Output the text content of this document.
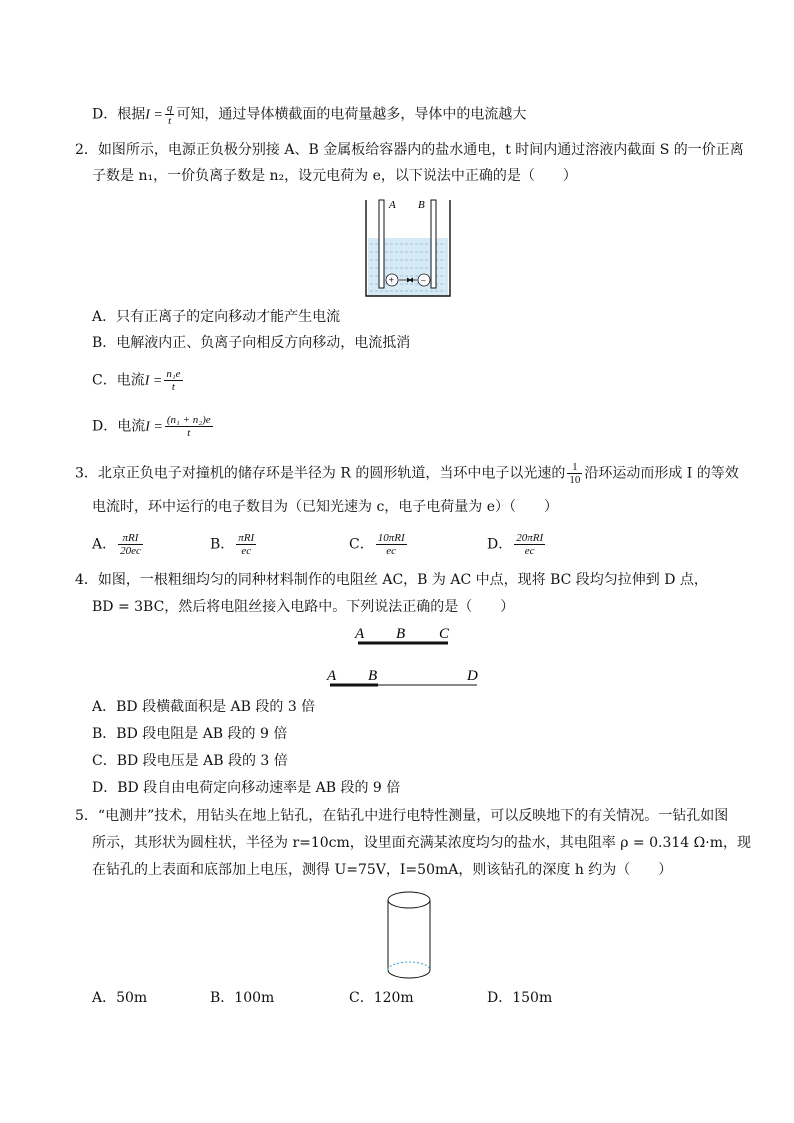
D．根据$I = \frac{q}{t}$ 可知，通过导体横截面的电荷量越多，导体中的电流越大
2．如图所示，电源正负极分别接 A、B 金属板给容器内的盐水通电，t 时间内通过溶液内截面 S 的一价正离
子数是 n₁，一价负离子数是 n₂，设元电荷为 e，以下说法中正确的是（　　）
A B
+	−
A．只有正离子的定向移动才能产生电流
B．电解液内正、负离子向相反方向移动，电流抵消
C．电流$I = \frac{\text{n₁e}}{t}$
D．电流$I = \frac{\text{(n₁ + n₂)e}}{t}$
3．北京正负电子对撞机的储存环是半径为 R 的圆形轨道，当环中电子以光速的 $\frac{1}{10}$ 沿环运动而形成 I 的等效
电流时，环中运行的电子数目为（已知光速为 c，电子电荷量为 e）（　　）
A． $\frac{\text{πRI}}{20ec}$	B． $\frac{\text{πRI}}{ec}$	C． $\frac{\text{10πRI}}{ec}$	D． $\frac{\text{20πRI}}{ec}$
4．如图，一根粗细均匀的同种材料制作的电阻丝 AC，B 为 AC 中点，现将 BC 段均匀拉伸到 D 点，
BD = 3BC，然后将电阻丝接入电路中。下列说法正确的是（　　）
A B C
A B	D
A．BD 段横截面积是 AB 段的 3 倍
B．BD 段电阻是 AB 段的 9 倍
C．BD 段电压是 AB 段的 3 倍
D．BD 段自由电荷定向移动速率是 AB 段的 9 倍
5．“电测井”技术，用钻头在地上钻孔，在钻孔中进行电特性测量，可以反映地下的有关情况。一钻孔如图
所示，其形状为圆柱状，半径为 r=10cm，设里面充满某浓度均匀的盐水，其电阻率 ρ = 0.314 Ω·m，现
在钻孔的上表面和底部加上电压，测得 U=75V，I=50mA，则该钻孔的深度 h 约为（　　）
A．50m	B．100m	C．120m	D．150m
